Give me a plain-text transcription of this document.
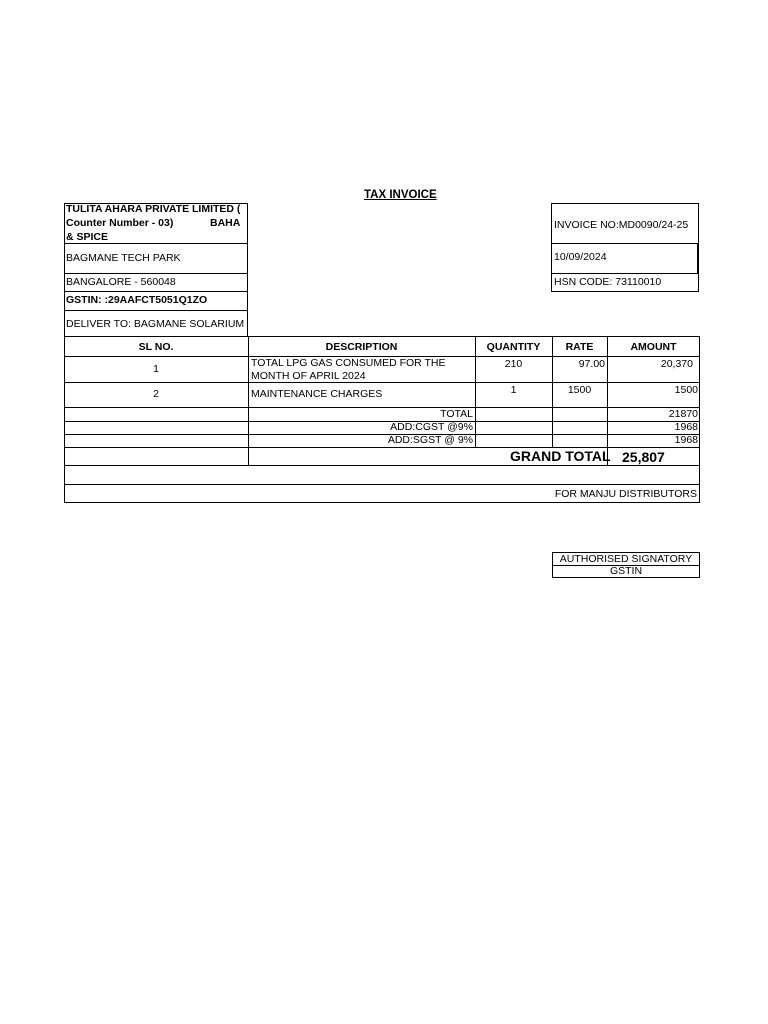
TAX INVOICE
TULITA AHARA PRIVATE LIMITED (
Counter Number - 03)	BAHA
& SPICE
BAGMANE TECH PARK
BANGALORE - 560048
GSTIN: :29AAFCT5051Q1ZO
DELIVER TO: BAGMANE SOLARIUM
INVOICE NO:MD0090/24-25
10/09/2024
HSN CODE: 73110010
SL NO.	DESCRIPTION	QUANTITY	RATE	AMOUNT
1	TOTAL LPG GAS CONSUMED FOR THE
MONTH OF APRIL 2024
210	97.00	20,370
2	MAINTENANCE CHARGES	1	1500	1500
TOTAL	21870
ADD:CGST @9%	1968
ADD:SGST @ 9%	1968
GRAND TOTAL 25,807
FOR MANJU DISTRIBUTORS
AUTHORISED SIGNATORY
GSTIN
